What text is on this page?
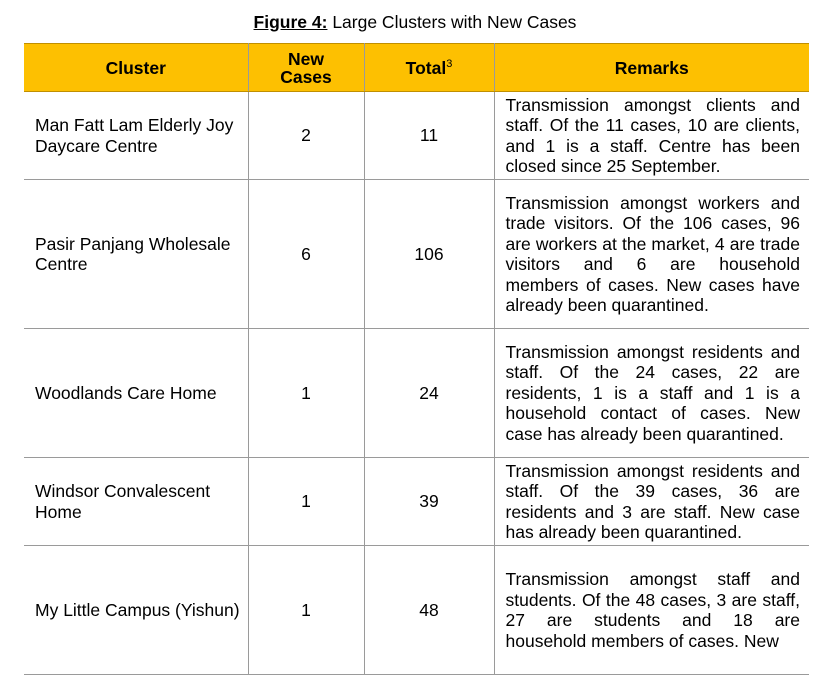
Figure 4: Large Clusters with New Cases
Cluster	New Cases	Total$^3$	Remarks
Man Fatt Lam Elderly Joy Daycare Centre	2	11	Transmission amongst clients and staff. Of the 11 cases, 10 are clients, and 1 is a staff. Centre has been closed since 25 September.
Pasir Panjang Wholesale Centre	6	106	Transmission amongst workers and trade visitors. Of the 106 cases, 96 are workers at the market, 4 are trade visitors and 6 are household members of cases. New cases have already been quarantined.
Woodlands Care Home	1	24	Transmission amongst residents and staff. Of the 24 cases, 22 are residents, 1 is a staff and 1 is a household contact of cases. New case has already been quarantined.
Windsor Convalescent Home	1	39	Transmission amongst residents and staff. Of the 39 cases, 36 are residents and 3 are staff. New case has already been quarantined.
My Little Campus (Yishun)	1	48	Transmission amongst staff and students. Of the 48 cases, 3 are staff, 27 are students and 18 are household members of cases. New
